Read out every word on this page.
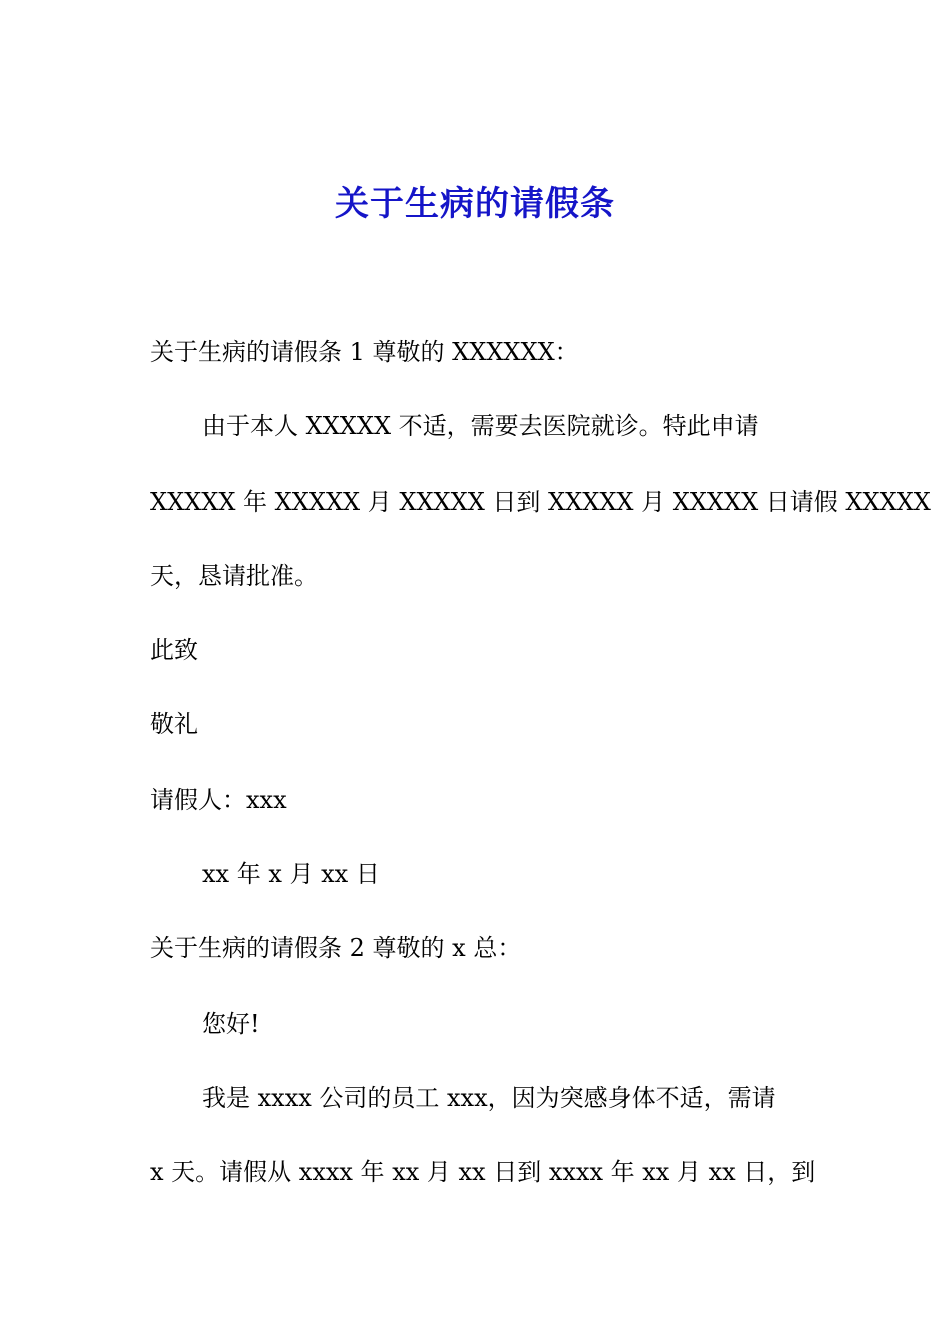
关于生病的请假条
关于生病的请假条 1 尊敬的 XXXXXX：
由于本人 XXXXX 不适，需要去医院就诊。特此申请
XXXXX 年 XXXXX 月 XXXXX 日到 XXXXX 月 XXXXX 日请假 XXXXX
天，恳请批准。
此致
敬礼
请假人：xxx
xx 年 x 月 xx 日
关于生病的请假条 2 尊敬的 x 总：
您好!
我是 xxxx 公司的员工 xxx，因为突感身体不适，需请
x 天。请假从 xxxx 年 xx 月 xx 日到 xxxx 年 xx 月 xx 日，到
